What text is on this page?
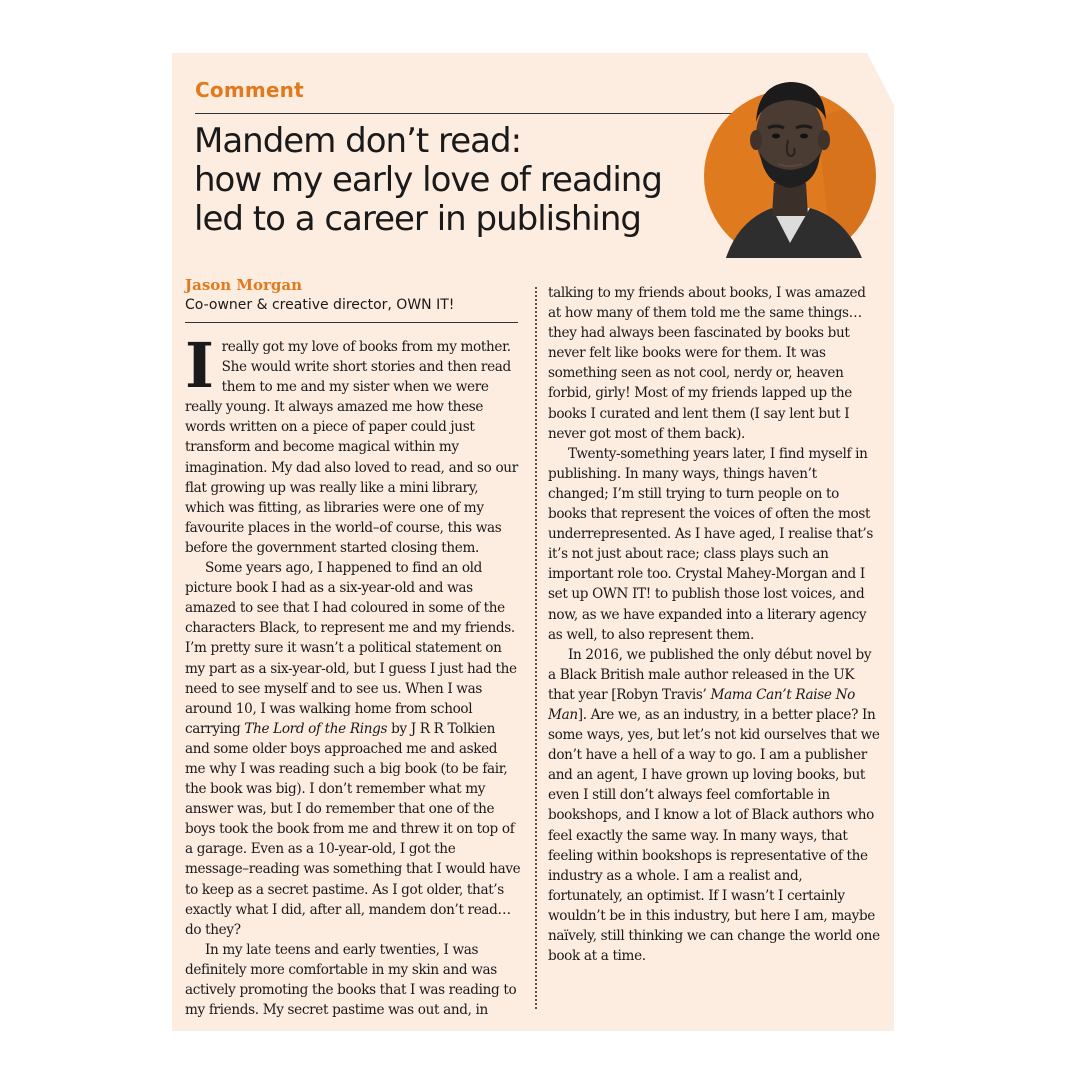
Comment
Mandem don’t read:
how my early love of reading
led to a career in publishing
Jason Morgan
Co-owner & creative director, OWN IT!

Ireally got my love of books from my mother. She would write short stories and then read them to me and my sister when we were really young. It always amazed me how these words written on a piece of paper could just transform and become magical within my imagination. My dad also loved to read, and so our flat growing up was really like a mini library, which was fitting, as libraries were one of my favourite places in the world–of course, this was before the government started closing them.

Some years ago, I happened to find an old picture book I had as a six-year-old and was amazed to see that I had coloured in some of the characters Black, to represent me and my friends. I’m pretty sure it wasn’t a political statement on my part as a six-year-old, but I guess I just had the need to see myself and to see us. When I was around 10, I was walking home from school carrying The Lord of the Rings by J R R Tolkien and some older boys approached me and asked me why I was reading such a big book (to be fair, the book was big). I don’t remember what my answer was, but I do remember that one of the boys took the book from me and threw it on top of a garage. Even as a 10-year-old, I got the message–reading was something that I would have to keep as a secret pastime. As I got older, that’s exactly what I did, after all, mandem don’t read… do they?

In my late teens and early twenties, I was definitely more comfortable in my skin and was actively promoting the books that I was reading to my friends. My secret pastime was out and, in

talking to my friends about books, I was amazed at how many of them told me the same things… they had always been fascinated by books but never felt like books were for them. It was something seen as not cool, nerdy or, heaven forbid, girly! Most of my friends lapped up the books I curated and lent them (I say lent but I never got most of them back).

Twenty-something years later, I find myself in publishing. In many ways, things haven’t changed; I’m still trying to turn people on to books that represent the voices of often the most underrepresented. As I have aged, I realise that’s it’s not just about race; class plays such an important role too. Crystal Mahey-Morgan and I set up OWN IT! to publish those lost voices, and now, as we have expanded into a literary agency as well, to also represent them.

In 2016, we published the only début novel by a Black British male author released in the UK that year [Robyn Travis’ Mama Can’t Raise No Man]. Are we, as an industry, in a better place? In some ways, yes, but let’s not kid ourselves that we don’t have a hell of a way to go. I am a publisher and an agent, I have grown up loving books, but even I still don’t always feel comfortable in bookshops, and I know a lot of Black authors who feel exactly the same way. In many ways, that feeling within bookshops is representative of the industry as a whole. I am a realist and, fortunately, an optimist. If I wasn’t I certainly wouldn’t be in this industry, but here I am, maybe naïvely, still thinking we can change the world one book at a time.
